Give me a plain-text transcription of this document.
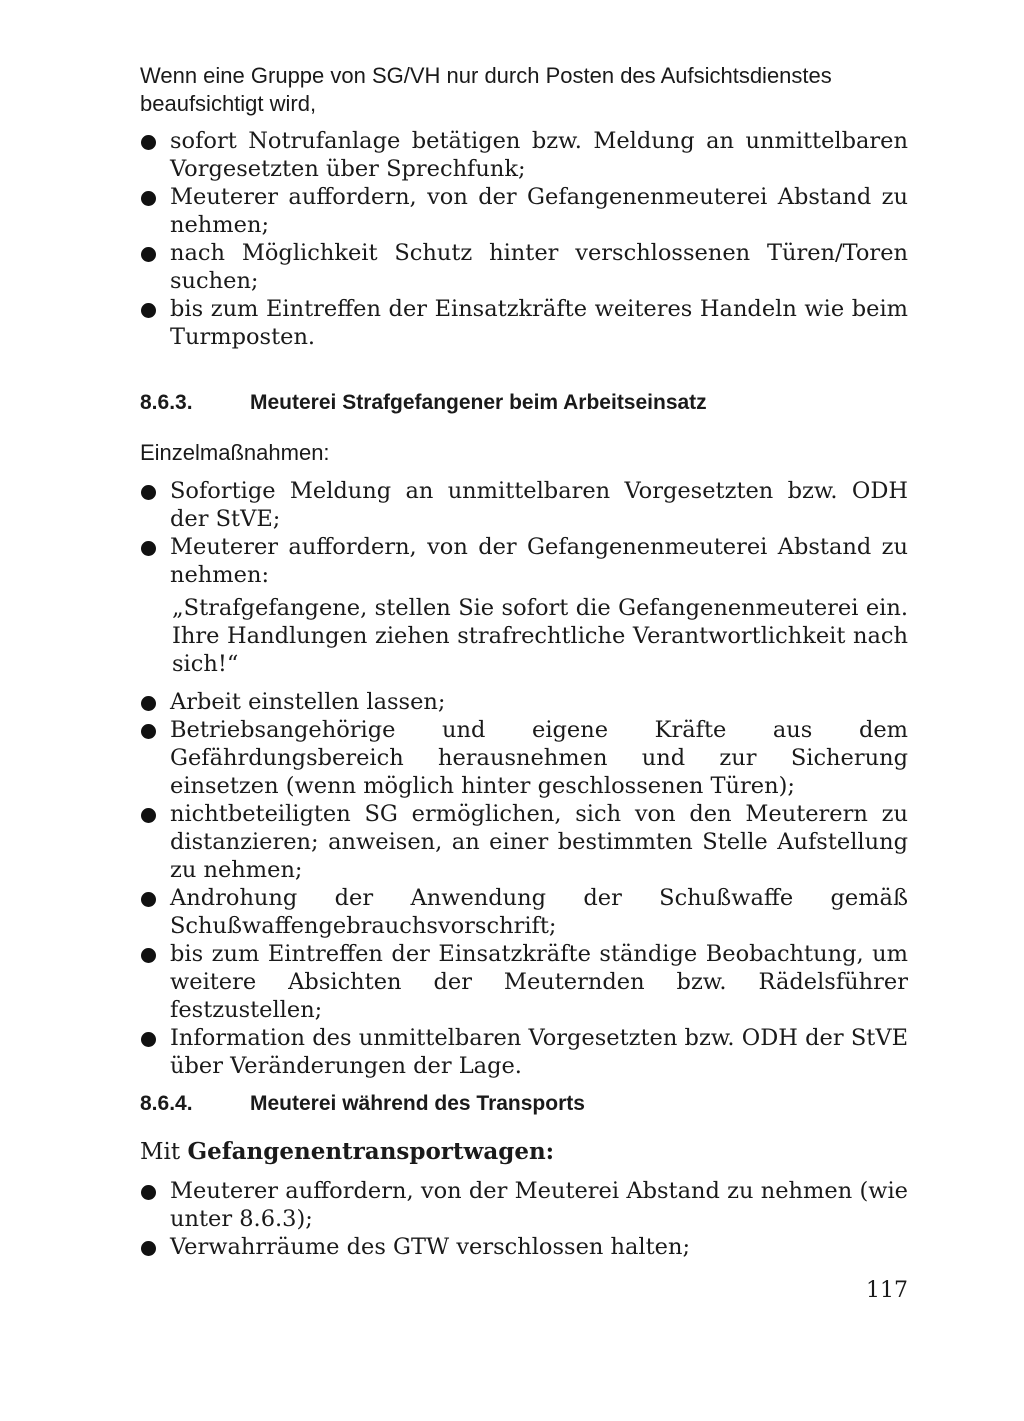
Wenn eine Gruppe von SG/VH nur durch Posten des Aufsichtsdienstes beaufsichtigt wird,

sofort Notrufanlage betätigen bzw. Meldung an unmittelbaren Vorgesetzten über Sprechfunk;
Meuterer auffordern, von der Gefangenenmeuterei Abstand zu nehmen;
nach Möglichkeit Schutz hinter verschlossenen Türen/Toren suchen;
bis zum Eintreffen der Einsatzkräfte weiteres Handeln wie beim Turmposten.
8.6.3.	Meuterei Strafgefangener beim Arbeitseinsatz

Einzelmaßnahmen:

Sofortige Meldung an unmittelbaren Vorgesetzten bzw. ODH der StVE;
Meuterer auffordern, von der Gefangenenmeuterei Abstand zu nehmen:

„Strafgefangene, stellen Sie sofort die Gefangenenmeuterei ein. Ihre Handlungen ziehen strafrechtliche Verantwortlichkeit nach sich!“

Arbeit einstellen lassen;
Betriebsangehörige und eigene Kräfte aus dem Gefährdungsbereich herausnehmen und zur Sicherung einsetzen (wenn möglich hinter geschlossenen Türen);
nichtbeteiligten SG ermöglichen, sich von den Meuterern zu distanzieren; anweisen, an einer bestimmten Stelle Aufstellung zu nehmen;
Androhung der Anwendung der Schußwaffe gemäß Schußwaffengebrauchsvorschrift;
bis zum Eintreffen der Einsatzkräfte ständige Beobachtung, um weitere Absichten der Meuternden bzw. Rädelsführer festzustellen;
Information des unmittelbaren Vorgesetzten bzw. ODH der StVE über Veränderungen der Lage.
8.6.4.	Meuterei während des Transports

Mit Gefangenentransportwagen:

Meuterer auffordern, von der Meuterei Abstand zu nehmen (wie unter 8.6.3);
Verwahrräume des GTW verschlossen halten;
117
